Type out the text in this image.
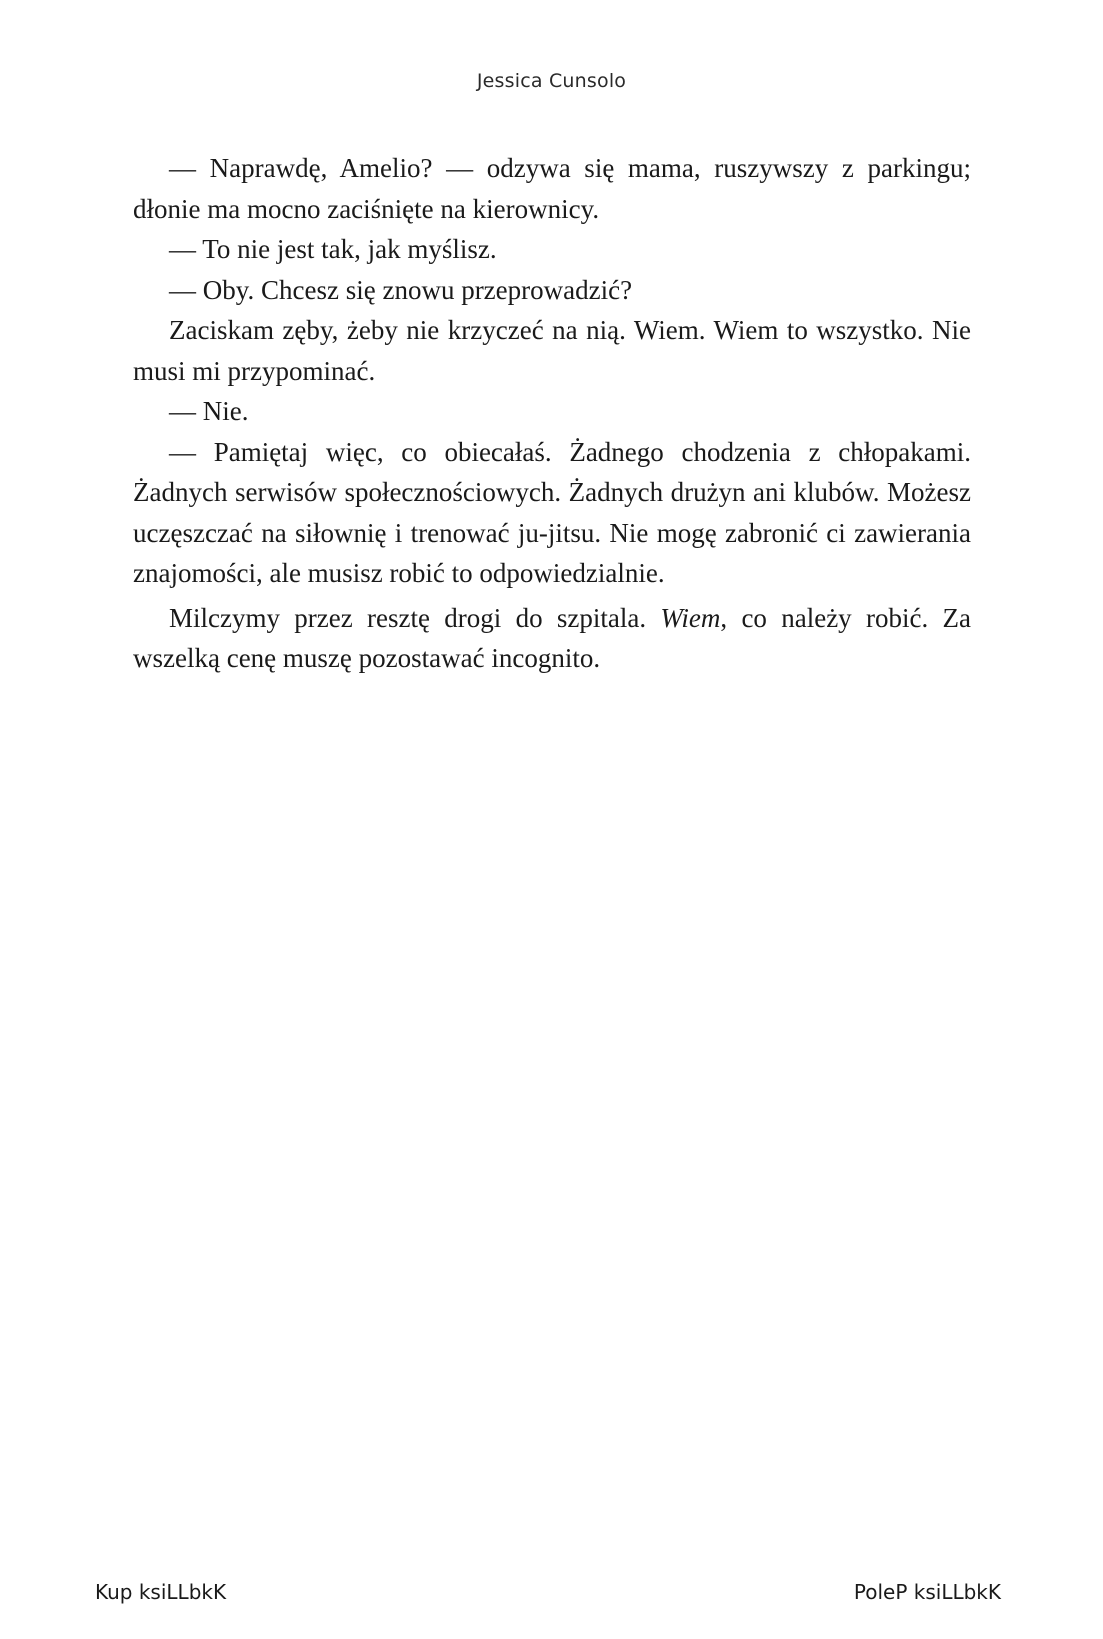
Jessica Cunsolo

— Naprawdę, Amelio? — odzywa się mama, ruszywszy z parkingu; dłonie ma mocno zaciśnięte na kierownicy.

— To nie jest tak, jak myślisz.

— Oby. Chcesz się znowu przeprowadzić?

Zaciskam zęby, żeby nie krzyczeć na nią. Wiem. Wiem to wszystko. Nie musi mi przypominać.

— Nie.

— Pamiętaj więc, co obiecałaś. Żadnego chodzenia z chłopakami. Żadnych serwisów społecznościowych. Żadnych drużyn ani klubów. Możesz uczęszczać na siłownię i trenować ju-jitsu. Nie mogę zabronić ci zawierania znajomości, ale musisz robić to odpowiedzialnie.

Milczymy przez resztę drogi do szpitala. Wiem, co należy robić. Za wszelką cenę muszę pozostawać incognito.

Kup ksiLLbkK	PoleP ksiLLbkK
